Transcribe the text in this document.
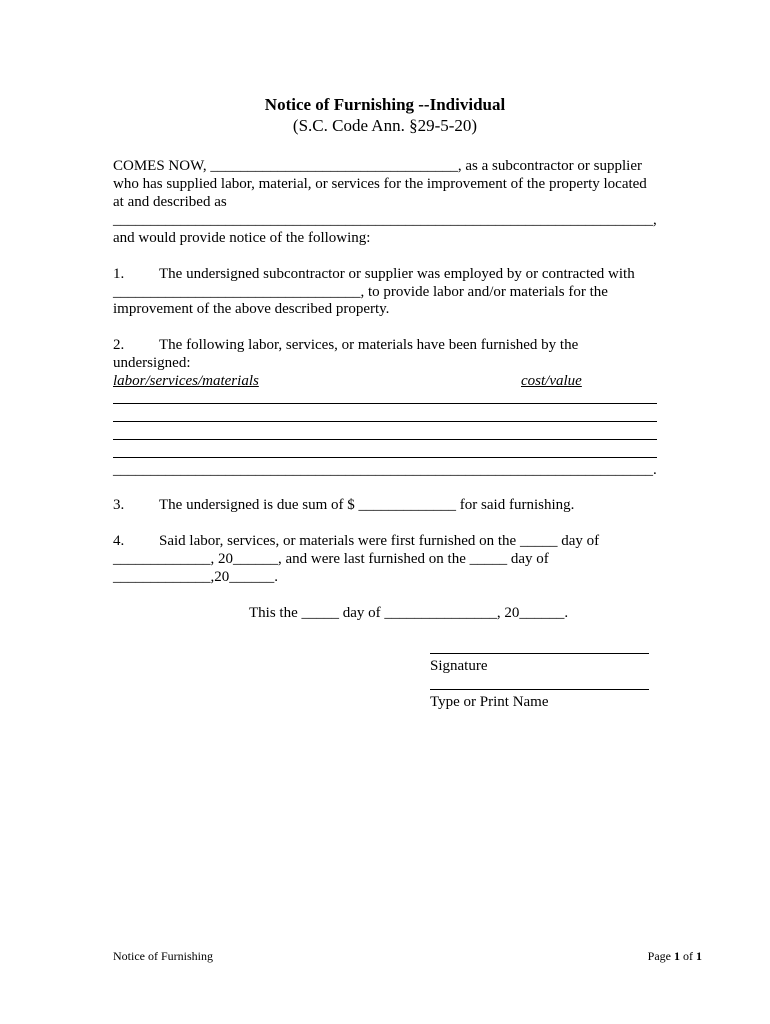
Notice of Furnishing --Individual
(S.C. Code Ann. §29-5-20)
COMES NOW, _________________________________, as a subcontractor or supplier
who has supplied labor, material, or services for the improvement of the property located
at and described as
________________________________________________________________________,
and would provide notice of the following:
1. The undersigned subcontractor or supplier was employed by or contracted with
_________________________________, to provide labor and/or materials for the
improvement of the above described property.
2. The following labor, services, or materials have been furnished by the
undersigned:
labor/services/materials	cost/value
________________________________________________________________________.
3. The undersigned is due sum of $ _____________ for said furnishing.
4. Said labor, services, or materials were first furnished on the _____ day of
_____________, 20______, and were last furnished on the _____ day of
_____________,20______.
This the _____ day of _______________, 20______.
Signature
Type or Print Name
Notice of Furnishing	Page 1 of 1
